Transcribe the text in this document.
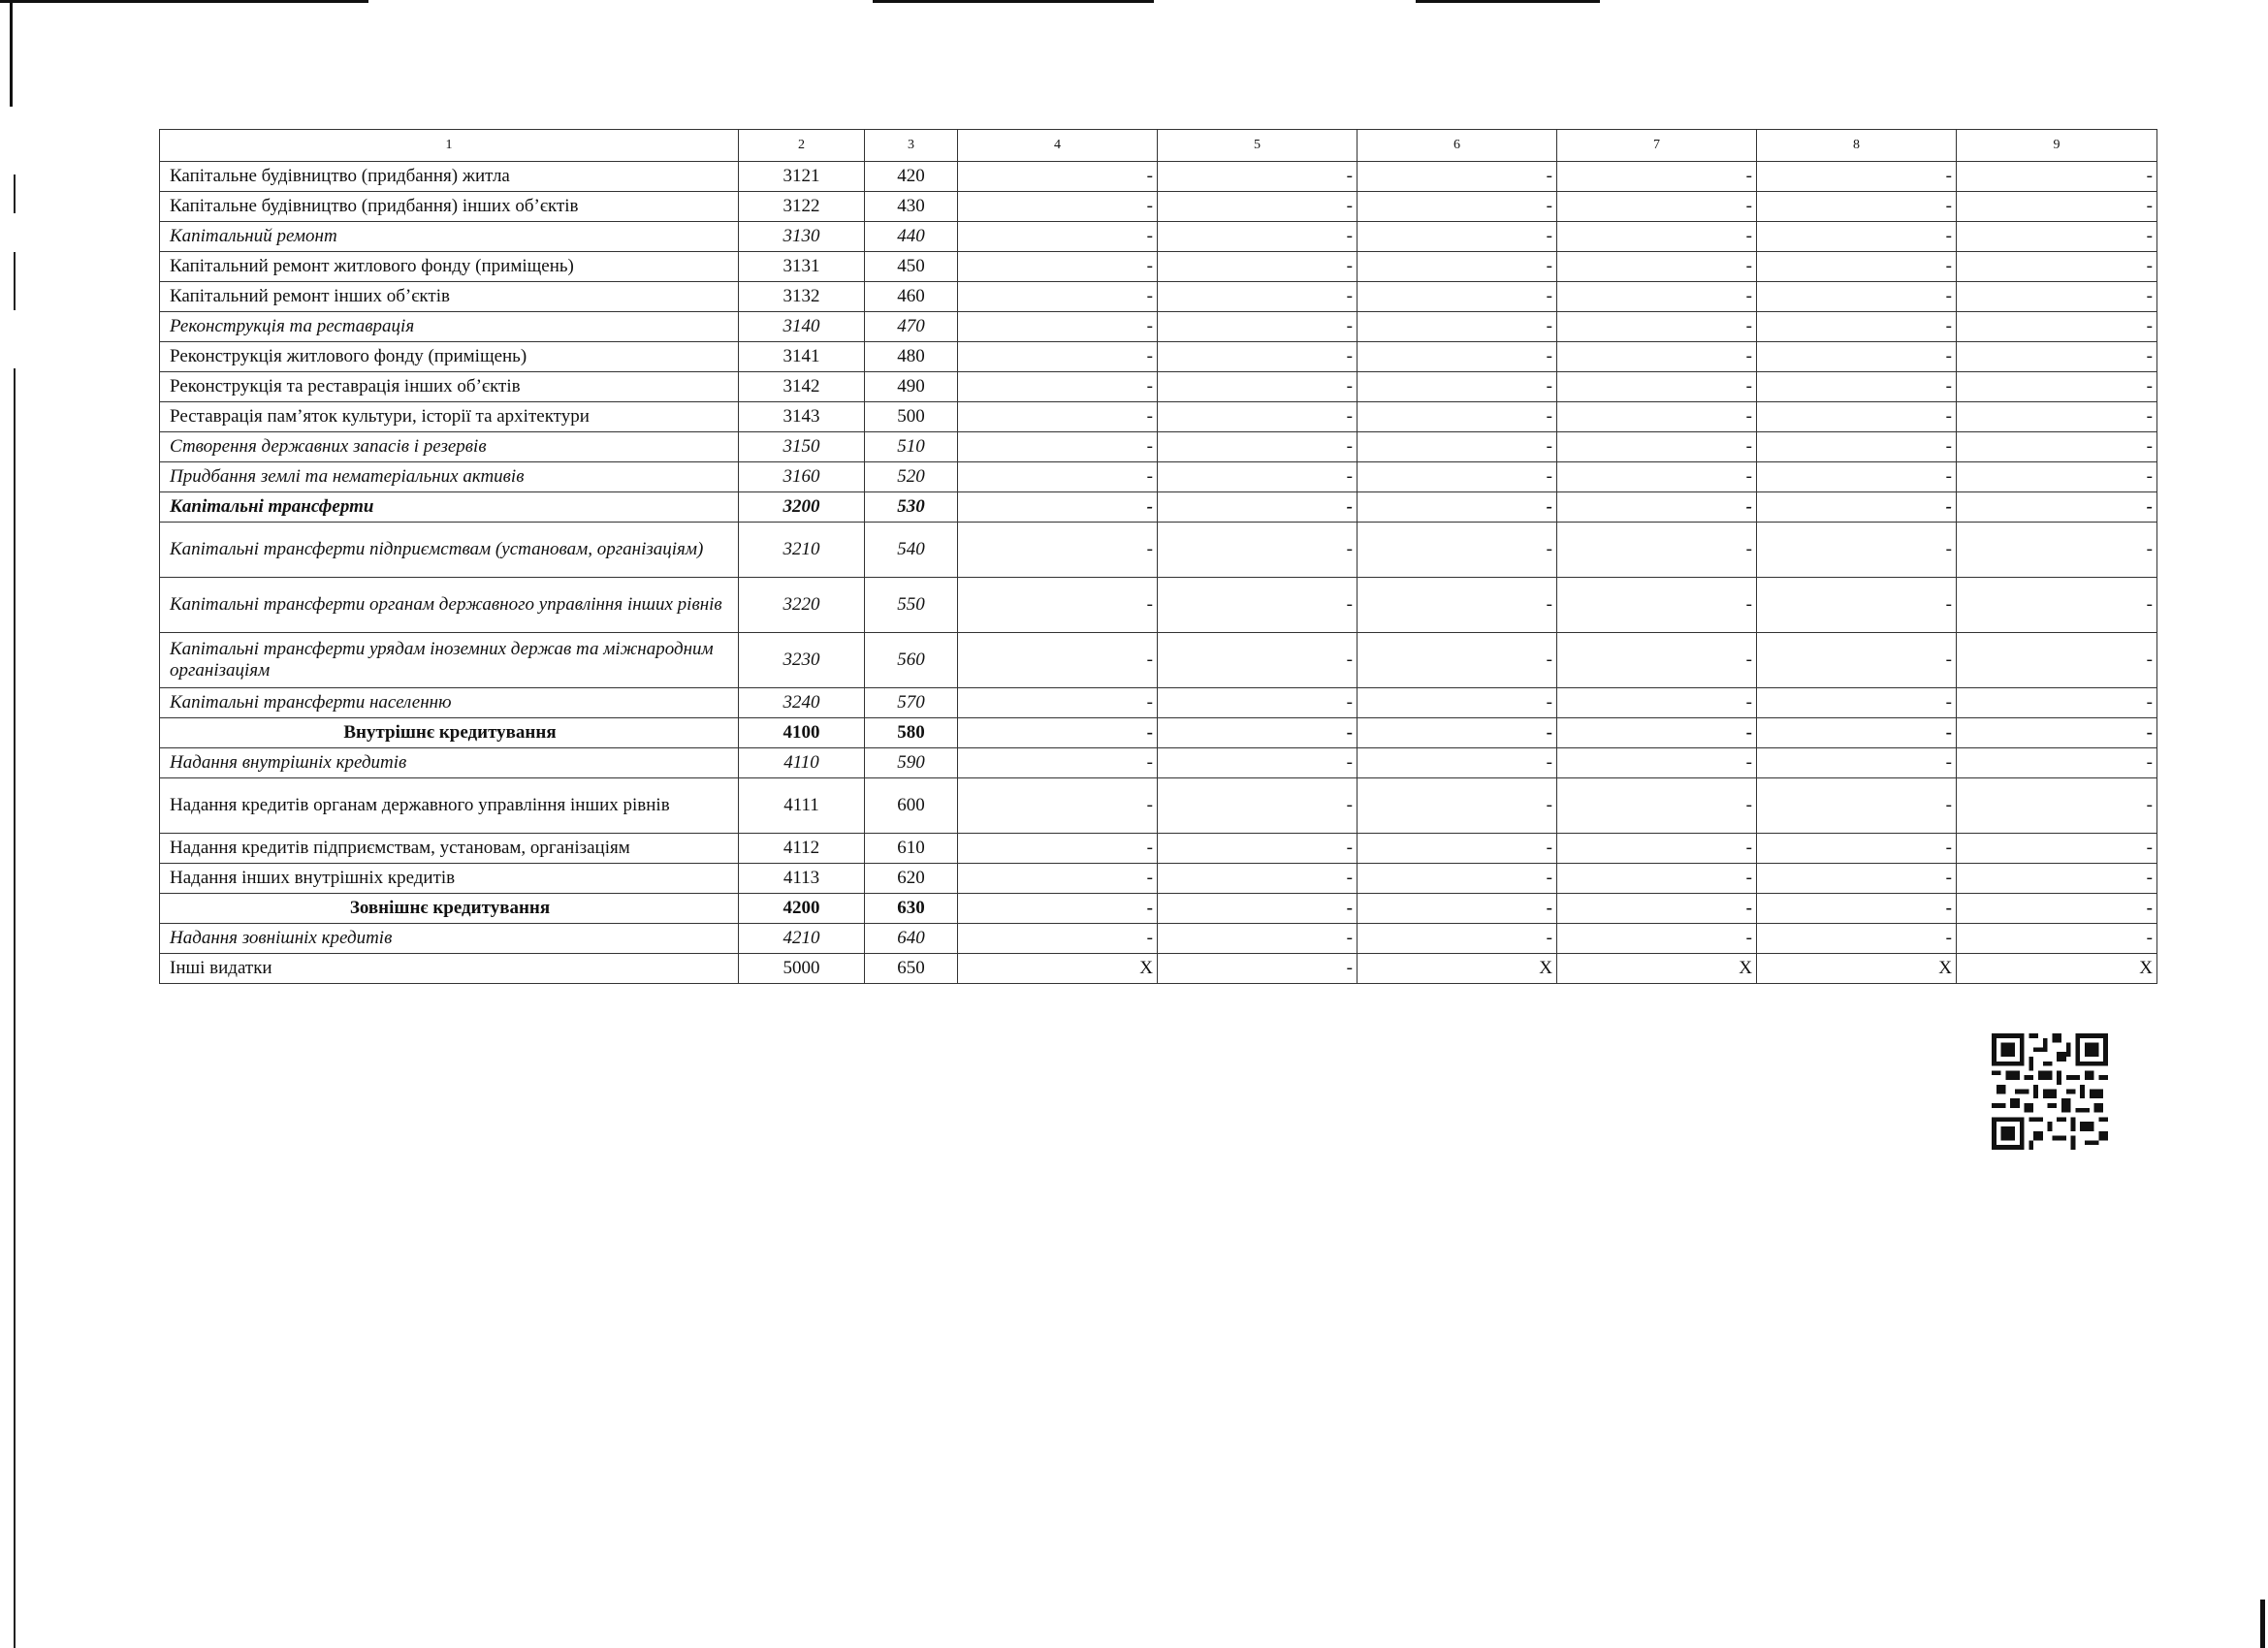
1	2	3	4	5	6	7	8	9
Капітальне будівництво (придбання) житла	3121	420	-	-	-	-	-	-
Капітальне будівництво (придбання) інших об’єктів	3122	430	-	-	-	-	-	-
Капітальний ремонт	3130	440	-	-	-	-	-	-
Капітальний ремонт житлового фонду (приміщень)	3131	450	-	-	-	-	-	-
Капітальний ремонт інших об’єктів	3132	460	-	-	-	-	-	-
Реконструкція та реставрація	3140	470	-	-	-	-	-	-
Реконструкція житлового фонду (приміщень)	3141	480	-	-	-	-	-	-
Реконструкція та реставрація інших об’єктів	3142	490	-	-	-	-	-	-
Реставрація пам’яток культури, історії та архітектури	3143	500	-	-	-	-	-	-
Створення державних запасів і резервів	3150	510	-	-	-	-	-	-
Придбання землі та нематеріальних активів	3160	520	-	-	-	-	-	-
Капітальні трансферти	3200	530	-	-	-	-	-	-
Капітальні трансферти підприємствам (установам, організаціям)	3210	540	-	-	-	-	-	-
Капітальні трансферти органам державного управління інших рівнів	3220	550	-	-	-	-	-	-
Капітальні трансферти урядам іноземних держав та міжнародним організаціям	3230	560	-	-	-	-	-	-
Капітальні трансферти населенню	3240	570	-	-	-	-	-	-
Внутрішнє кредитування	4100	580	-	-	-	-	-	-
Надання внутрішніх кредитів	4110	590	-	-	-	-	-	-
Надання кредитів органам державного управління інших рівнів	4111	600	-	-	-	-	-	-
Надання кредитів підприємствам, установам, організаціям	4112	610	-	-	-	-	-	-
Надання інших внутрішніх кредитів	4113	620	-	-	-	-	-	-
Зовнішнє кредитування	4200	630	-	-	-	-	-	-
Надання зовнішніх кредитів	4210	640	-	-	-	-	-	-
Інші видатки	5000	650	X	-	X	X	X	X
